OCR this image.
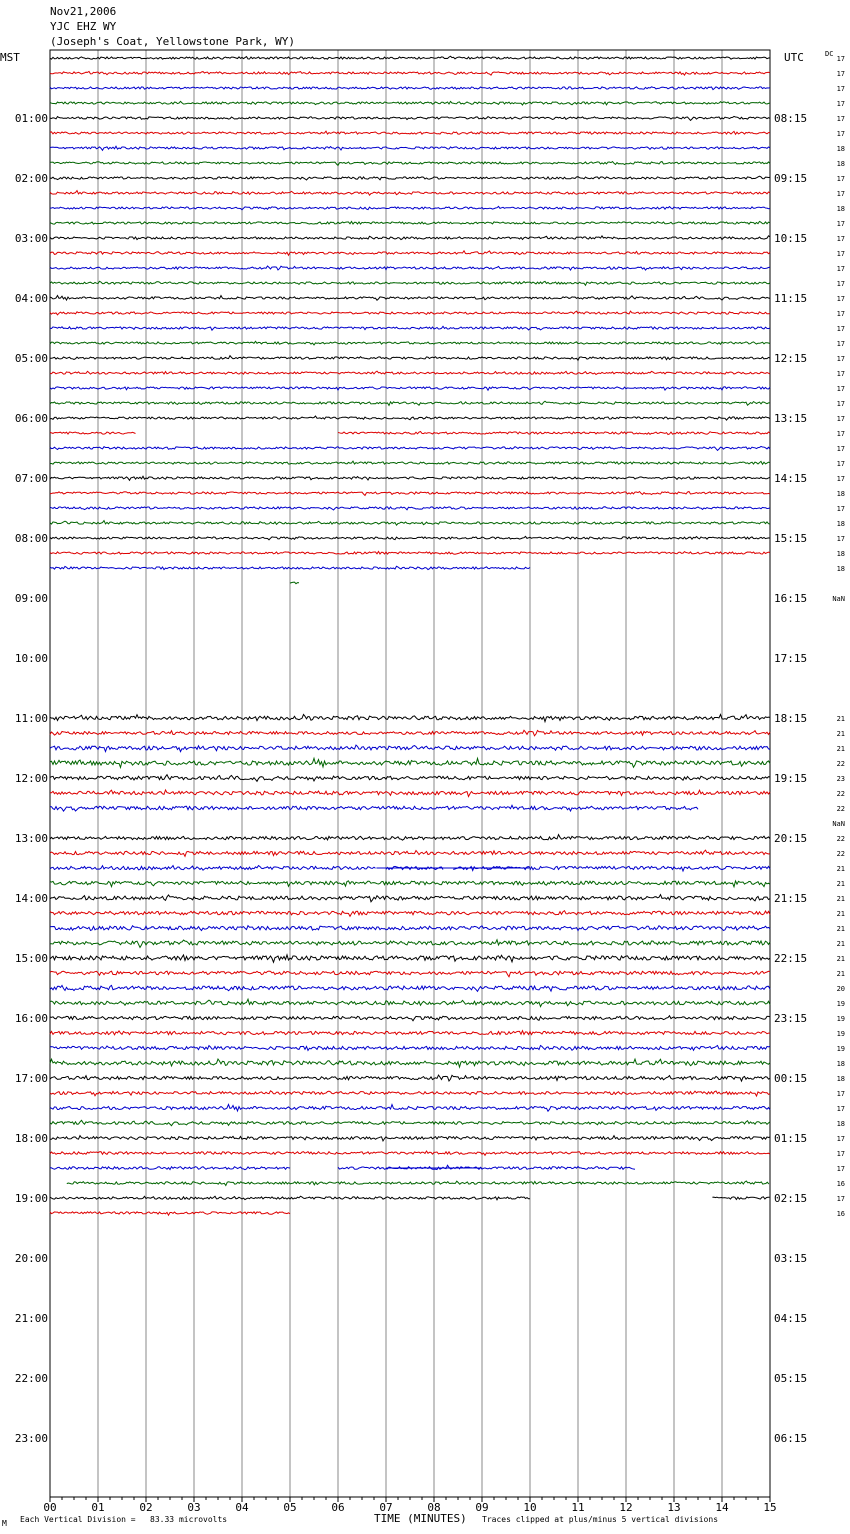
Nov21,2006
YJC EHZ WY
(Joseph's Coat, Yellowstone Park, WY)
MST	UTC	DC
01:00	08:15
02:00	09:15
03:00	10:15
04:00	11:15
05:00	12:15
06:00	13:15
07:00	14:15
08:00	15:15
09:00	16:15
10:00	17:15
11:00	18:15
12:00	19:15
13:00	20:15
14:00	21:15
15:00	22:15
16:00	23:15
17:00	00:15
18:00	01:15
19:00	02:15
20:00	03:15
21:00	04:15
22:00	05:15
23:00	06:15
17
17
17
17
17
17
18
18
17
17
18
17
17
17
17
17
17
17
17
17
17
17
17
17
17
17
17
17
17
18
17
18
17
18
18
NaN
21
21
21
22
23
22
22
NaN
22
22
21
21
21
21
21
21
21
21
20
19
19
19
19
18
18
17
17
18
17
17
17
16
17
16
00	01	02	03	04	05	06	07	08	09	10	11	12	13	14	15
M Each Vertical Division =   83.33 microvolts	TIME (MINUTES) Traces clipped at plus/minus 5 vertical divisions
